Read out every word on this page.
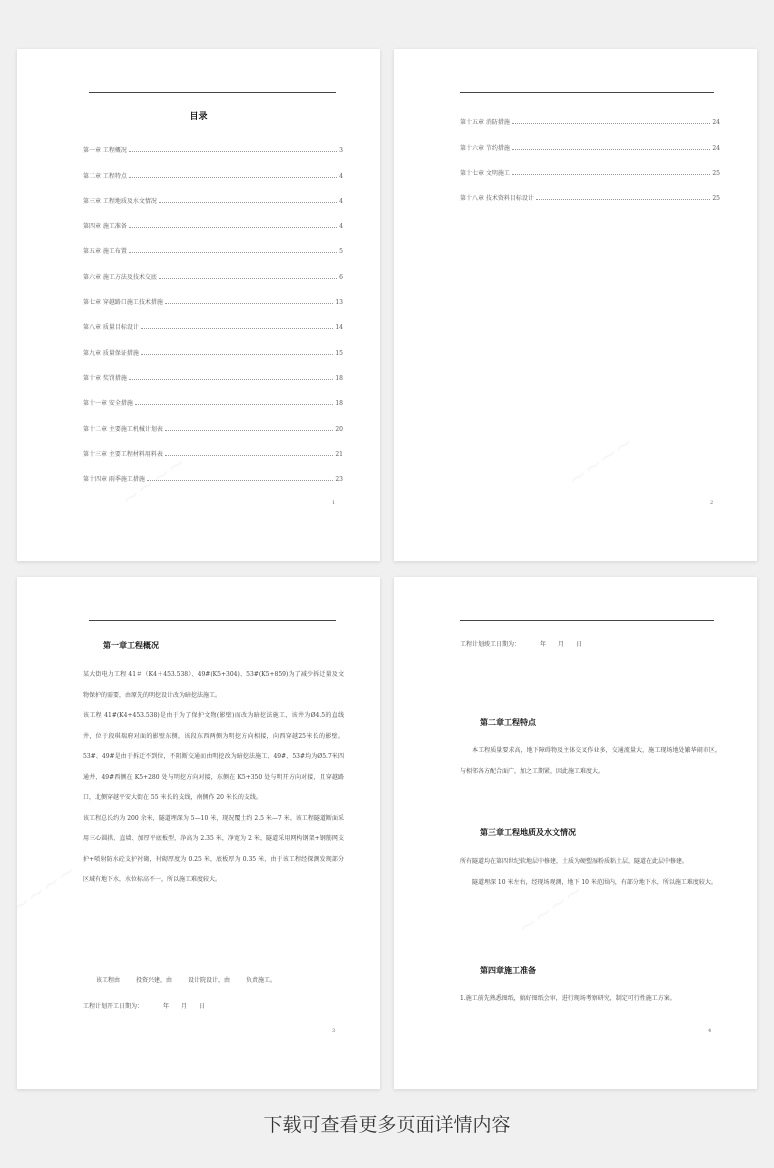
目录
第一章 工程概况	3
第二章 工程特点	4
第三章 工程地质及水文情况	4
第四章 施工准备	4
第五章 施工布置	5
第六章 施工方法及技术交底	6
第七章 穿越路口施工技术措施	13
第八章 质量目标设计	14
第九章 质量保证措施	15
第十章 奖罚措施	18
第十一章 安全措施	18
第十二章 主要施工机械计划表	20
第十三章 主要工程材料用料表	21
第十四章 雨季施工措施	23
1
第十五章 消防措施	24
第十六章 节约措施	24
第十七章 文明施工	25
第十八章 技术资料目标设计	25
2
第一章工程概况
某大街电力工程 41＃（K4＋453.538）、49#(K5+304)、53#(K5+859)为了减少拆迁量及文物保护的需要，由原先的明挖设计改为暗挖法施工。
该工程 41#(K4+453.538)是由于为了保护文物(影壁)而改为暗挖法施工，该井为Ø4.5的直线井，位于段琪瑞府对面的影壁东侧，该段东西两侧为明挖方向相接，向西穿越25米长的影壁。53#、49#是由于拆迁不到位，不阻断交通而由明挖改为暗挖法施工、49#、53#均为Ø5.7米四通井，49#西侧在 K5+280 处与明挖方向对接，东侧在 K5+350 处与明开方向对接，且穿越路口，北侧穿越平安大街在 55 米长的支线，南侧作 20 米长的支线。
该工程总长约为 200 余米，隧道埋深为 5—10 米，现况覆土约 2.5 米—7 米。该工程隧道断面采用三心圆拱、直墙、加厚平底板型，净高为 2.35 米，净宽为 2 米，隧道采用网构钢架+钢筋网支护+喷射防水砼支护衬砌，衬砌厚度为 0.25 米，底板厚为 0.35 米，由于该工程经探测发现部分区域有地下水，水位标高不一，所以施工难度较大。
该工程由	投资兴建，由	设计院设计，由	负责施工。
工程计划开工日期为：	年 月 日
3
工程计划竣工日期为：	年 月 日
第二章工程特点
本工程质量要求高，地下障碍物及主体交叉作业多，交通流量大，施工现场地处繁华闹市区，与相邻各方配合面广，加之工期紧，因此施工难度大。
第三章工程地质及水文情况
所有隧道均在第四世纪软地层中修建，土质为硬塑湿粉质粘土层，隧道在此层中修建。
隧道埋深 10 米左右，经现场观测，地下 10 米范围内，有部分地下水，所以施工难度较大。
第四章施工准备
1.施工前先熟悉图纸，搞好图纸会审，进行现场考察研究，制定可行性施工方案。
4
下载可查看更多页面详情内容
